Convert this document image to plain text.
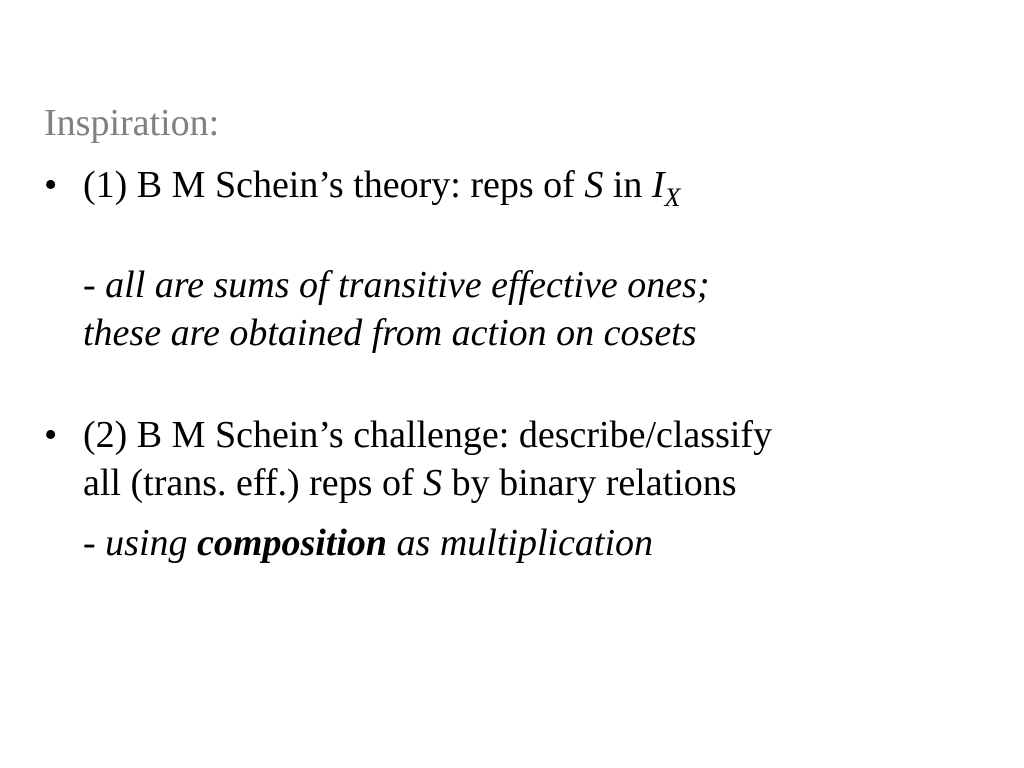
Inspiration:
• (1) B M Schein’s theory: reps of S in $I_X$
- all are sums of transitive effective ones;
these are obtained from action on cosets
• (2) B M Schein’s challenge: describe/classify
all (trans. eff.) reps of S by binary relations
- using composition as multiplication
